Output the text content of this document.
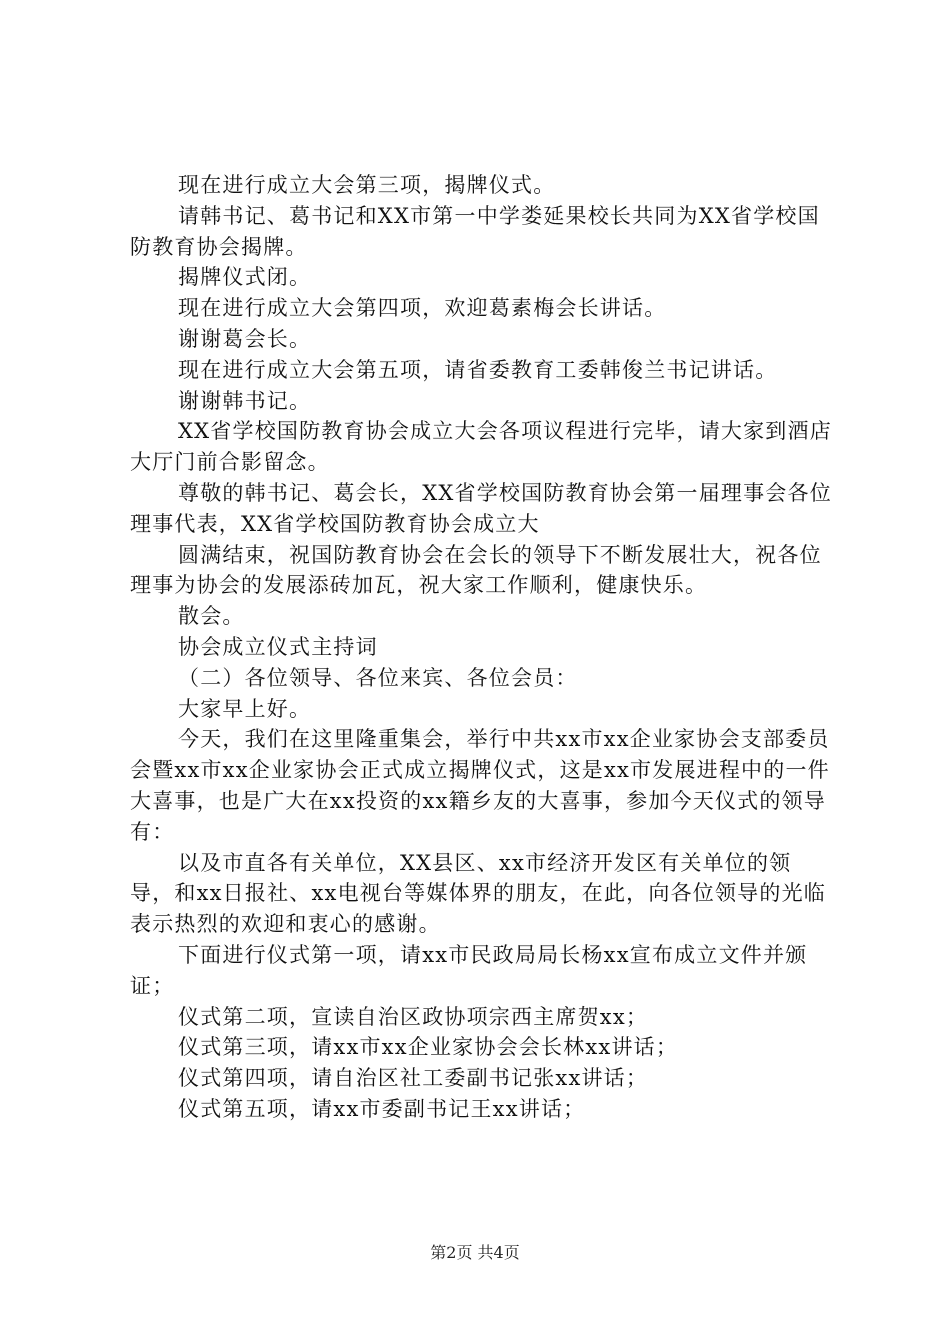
现在进行成立大会第三项，揭牌仪式。

请韩书记、葛书记和XX市第一中学娄延果校长共同为XX省学校国防教育协会揭牌。

揭牌仪式闭。

现在进行成立大会第四项，欢迎葛素梅会长讲话。

谢谢葛会长。

现在进行成立大会第五项，请省委教育工委韩俊兰书记讲话。

谢谢韩书记。

XX省学校国防教育协会成立大会各项议程进行完毕，请大家到酒店大厅门前合影留念。

尊敬的韩书记、葛会长，XX省学校国防教育协会第一届理事会各位理事代表，XX省学校国防教育协会成立大

圆满结束，祝国防教育协会在会长的领导下不断发展壮大，祝各位理事为协会的发展添砖加瓦，祝大家工作顺利，健康快乐。

散会。

协会成立仪式主持词

（二）各位领导、各位来宾、各位会员：

大家早上好。

今天，我们在这里隆重集会，举行中共xx市xx企业家协会支部委员会暨xx市xx企业家协会正式成立揭牌仪式，这是xx市发展进程中的一件大喜事，也是广大在xx投资的xx籍乡友的大喜事，参加今天仪式的领导有：

以及市直各有关单位，XX县区、xx市经济开发区有关单位的领导，和xx日报社、xx电视台等媒体界的朋友，在此，向各位领导的光临表示热烈的欢迎和衷心的感谢。

下面进行仪式第一项，请xx市民政局局长杨xx宣布成立文件并颁证；

仪式第二项，宣读自治区政协项宗西主席贺xx；

仪式第三项，请xx市xx企业家协会会长林xx讲话；

仪式第四项，请自治区社工委副书记张xx讲话；

仪式第五项，请xx市委副书记王xx讲话；

第2页 共4页
